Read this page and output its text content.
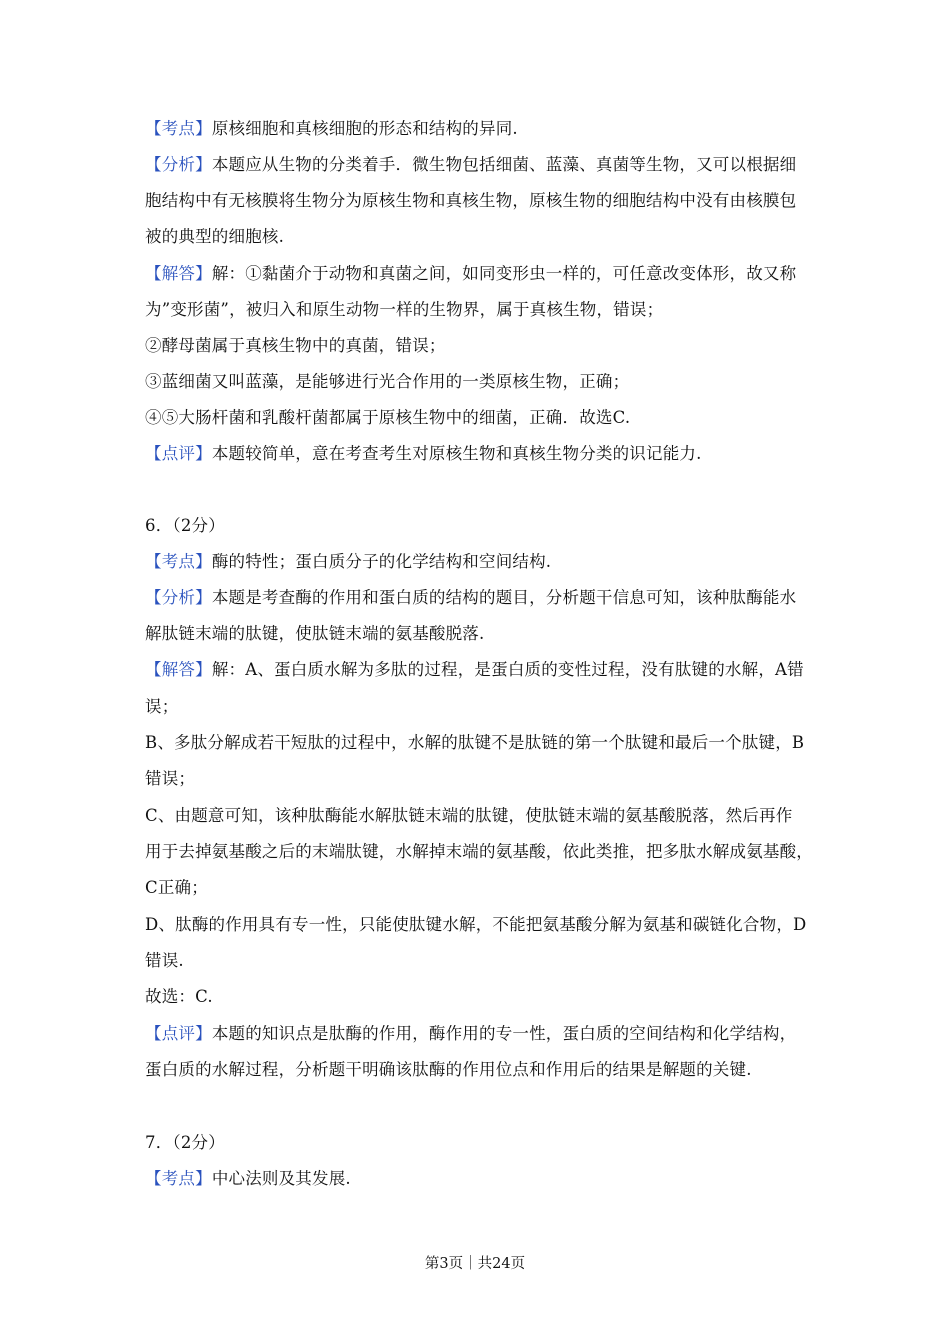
【考点】原核细胞和真核细胞的形态和结构的异同.
【分析】本题应从生物的分类着手．微生物包括细菌、蓝藻、真菌等生物，又可以根据细
胞结构中有无核膜将生物分为原核生物和真核生物，原核生物的细胞结构中没有由核膜包
被的典型的细胞核.
【解答】解：①黏菌介于动物和真菌之间，如同变形虫一样的，可任意改变体形，故又称
为”变形菌”，被归入和原生动物一样的生物界，属于真核生物，错误；
②酵母菌属于真核生物中的真菌，错误；
③蓝细菌又叫蓝藻，是能够进行光合作用的一类原核生物，正确；
④⑤大肠杆菌和乳酸杆菌都属于原核生物中的细菌，正确．故选C.
【点评】本题较简单，意在考查考生对原核生物和真核生物分类的识记能力.
6．（2分）
【考点】酶的特性；蛋白质分子的化学结构和空间结构.
【分析】本题是考查酶的作用和蛋白质的结构的题目，分析题干信息可知，该种肽酶能水
解肽链末端的肽键，使肽链末端的氨基酸脱落.
【解答】解：A、蛋白质水解为多肽的过程，是蛋白质的变性过程，没有肽键的水解，A错
误；
B、多肽分解成若干短肽的过程中，水解的肽键不是肽链的第一个肽键和最后一个肽键，B
错误；
C、由题意可知，该种肽酶能水解肽链末端的肽键，使肽链末端的氨基酸脱落，然后再作
用于去掉氨基酸之后的末端肽键，水解掉末端的氨基酸，依此类推，把多肽水解成氨基酸，
C正确；
D、肽酶的作用具有专一性，只能使肽键水解，不能把氨基酸分解为氨基和碳链化合物，D
错误.
故选：C.
【点评】本题的知识点是肽酶的作用，酶作用的专一性，蛋白质的空间结构和化学结构，
蛋白质的水解过程，分析题干明确该肽酶的作用位点和作用后的结果是解题的关键.
7．（2分）
【考点】中心法则及其发展.
第3页｜共24页
